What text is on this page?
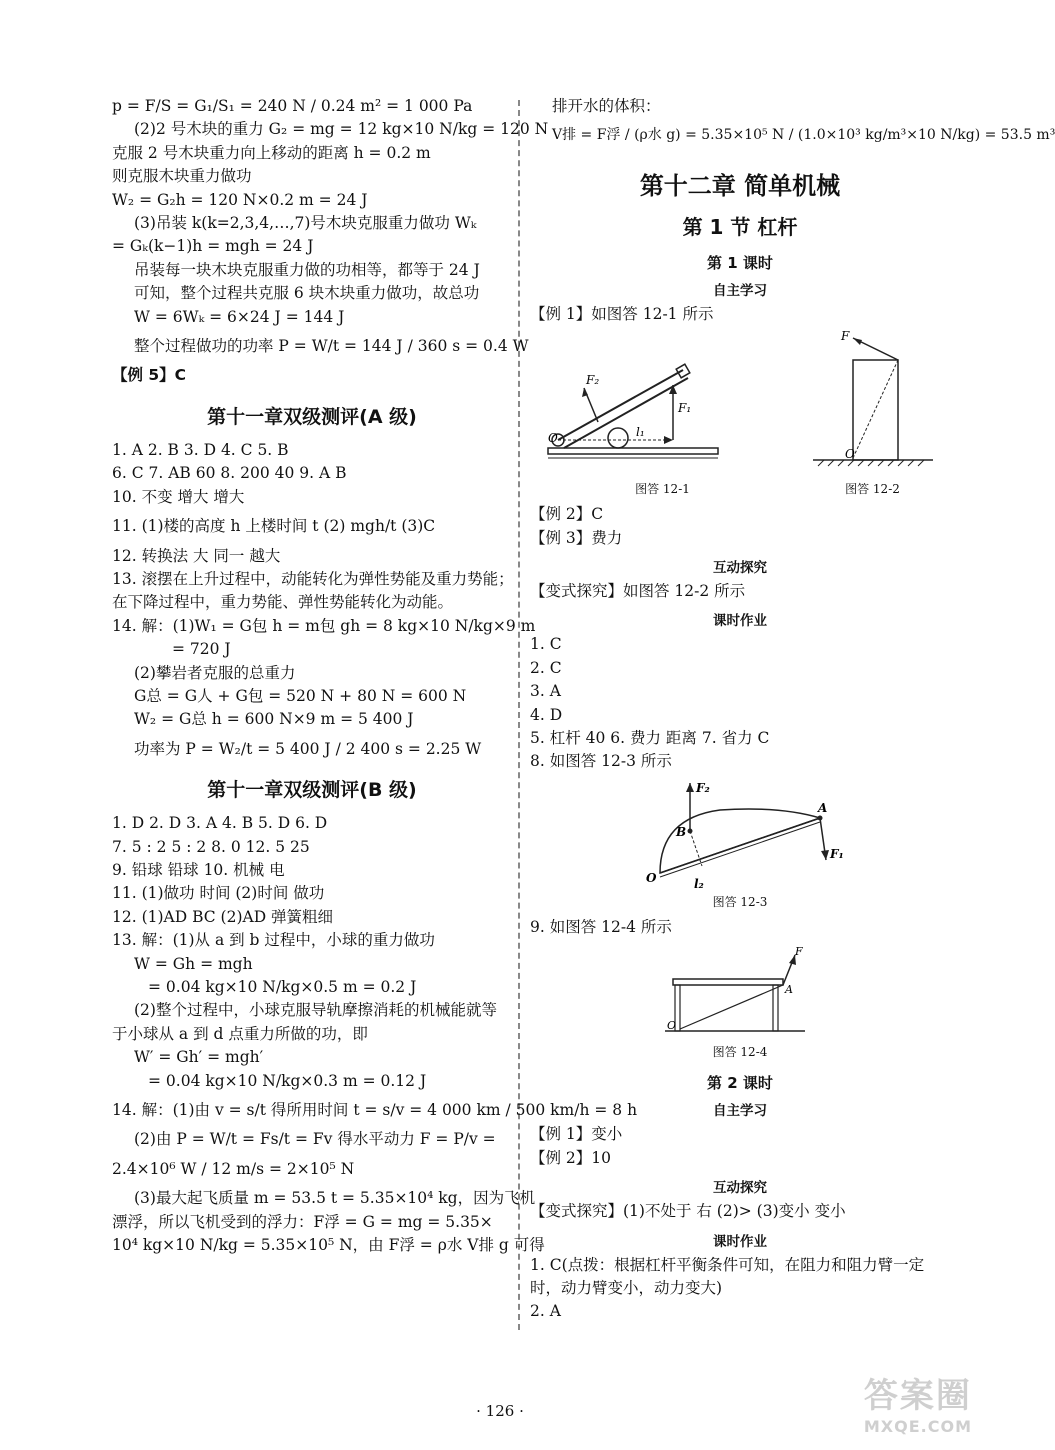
p = F/S = G₁/S₁ = 240 N / 0.24 m² = 1 000 Pa
(2)2 号木块的重力 G₂ = mg = 12 kg×10 N/kg = 120 N
克服 2 号木块重力向上移动的距离 h = 0.2 m
则克服木块重力做功
W₂ = G₂h = 120 N×0.2 m = 24 J
(3)吊装 k(k=2,3,4,…,7)号木块克服重力做功 Wₖ
= Gₖ(k−1)h = mgh = 24 J
吊装每一块木块克服重力做的功相等，都等于 24 J
可知，整个过程共克服 6 块木块重力做功，故总功
W = 6Wₖ = 6×24 J = 144 J
整个过程做功的功率 P = W/t = 144 J / 360 s = 0.4 W
【例 5】C
第十一章双级测评(A 级)
1. A 2. B 3. D 4. C 5. B
6. C 7. AB 60 8. 200 40 9. A B
10. 不变 增大 增大
11. (1)楼的高度 h 上楼时间 t (2) mgh/t (3)C
12. 转换法 大 同一 越大
13. 滚摆在上升过程中，动能转化为弹性势能及重力势能；
在下降过程中，重力势能、弹性势能转化为动能。
14. 解：(1)W₁ = G包 h = m包 gh = 8 kg×10 N/kg×9 m
= 720 J
(2)攀岩者克服的总重力
G总 = G人 + G包 = 520 N + 80 N = 600 N
W₂ = G总 h = 600 N×9 m = 5 400 J
功率为 P = W₂/t = 5 400 J / 2 400 s = 2.25 W
第十一章双级测评(B 级)
1. D 2. D 3. A 4. B 5. D 6. D
7. 5 : 2 5 : 2 8. 0 12. 5 25
9. 铅球 铅球 10. 机械 电
11. (1)做功 时间 (2)时间 做功
12. (1)AD BC (2)AD 弹簧粗细
13. 解：(1)从 a 到 b 过程中，小球的重力做功
W = Gh = mgh
= 0.04 kg×10 N/kg×0.5 m = 0.2 J
(2)整个过程中，小球克服导轨摩擦消耗的机械能就等
于小球从 a 到 d 点重力所做的功，即
W′ = Gh′ = mgh′
= 0.04 kg×10 N/kg×0.3 m = 0.12 J
14. 解：(1)由 v = s/t 得所用时间 t = s/v = 4 000 km / 500 km/h = 8 h
(2)由 P = W/t = Fs/t = Fv 得水平动力 F = P/v =
2.4×10⁶ W / 12 m/s = 2×10⁵ N
(3)最大起飞质量 m = 53.5 t = 5.35×10⁴ kg，因为飞机
漂浮，所以飞机受到的浮力：F浮 = G = mg = 5.35×
10⁴ kg×10 N/kg = 5.35×10⁵ N，由 F浮 = ρ水 V排 g 可得
排开水的体积：
V排 = F浮 / (ρ水 g) = 5.35×10⁵ N / (1.0×10³ kg/m³×10 N/kg) = 53.5 m³
第十二章 简单机械
第 1 节 杠杆
第 1 课时
自主学习
【例 1】如图答 12-1 所示
F₂
F₁
O	l₁
图答 12-1
F
O
图答 12-2
【例 2】C
【例 3】费力
互动探究
【变式探究】如图答 12-2 所示
课时作业
1. C
2. C
3. A
4. D
5. 杠杆 40 6. 费力 距离 7. 省力 C
8. 如图答 12-3 所示
F₂
B
A
F₁
O	l₂
图答 12-3
9. 如图答 12-4 所示
F
A
O
图答 12-4
第 2 课时
自主学习
【例 1】变小
【例 2】10
互动探究
【变式探究】(1)不处于 右 (2)> (3)变小 变小
课时作业
1. C(点拨：根据杠杆平衡条件可知，在阻力和阻力臂一定
时，动力臂变小，动力变大)
2. A
· 126 ·	答案圈
MXQE.COM
